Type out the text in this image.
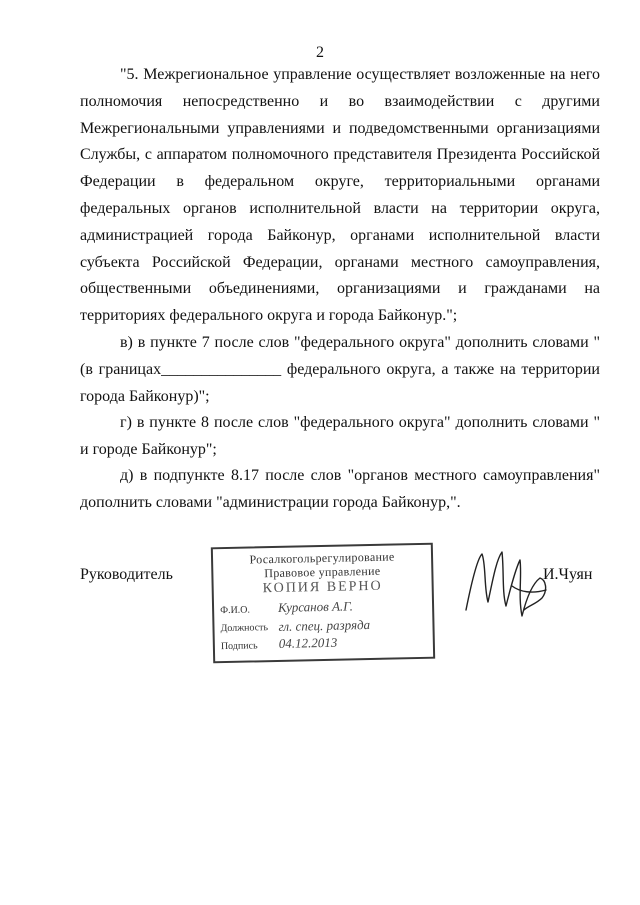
2
"5. Межрегиональное управление осуществляет возложенные на него полномочия непосредственно и во взаимодействии с другими Межрегиональными управлениями и подведомственными организациями Службы, с аппаратом полномочного представителя Президента Российской Федерации в федеральном округе, территориальными органами федеральных органов исполнительной власти на территории округа, администрацией города Байконур, органами исполнительной власти субъекта Российской Федерации, органами местного самоуправления, общественными объединениями, организациями и гражданами на территориях федерального округа и города Байконур.";
в) в пункте 7 после слов "федерального округа" дополнить словами "(в границах_______________ федерального округа, а также на территории города Байконур)";
г) в пункте 8 после слов "федерального округа" дополнить словами " и городе Байконур";
д) в подпункте 8.17 после слов "органов местного самоуправления" дополнить словами "администрации города Байконур,".
Руководитель
Росалкогольрегулирование
Правовое управление
КОПИЯ ВЕРНО
Ф.И.О. Курсанов А.Г.
Должность гл. спец. разряда
Подпись 04.12.2013
И.Чуян
